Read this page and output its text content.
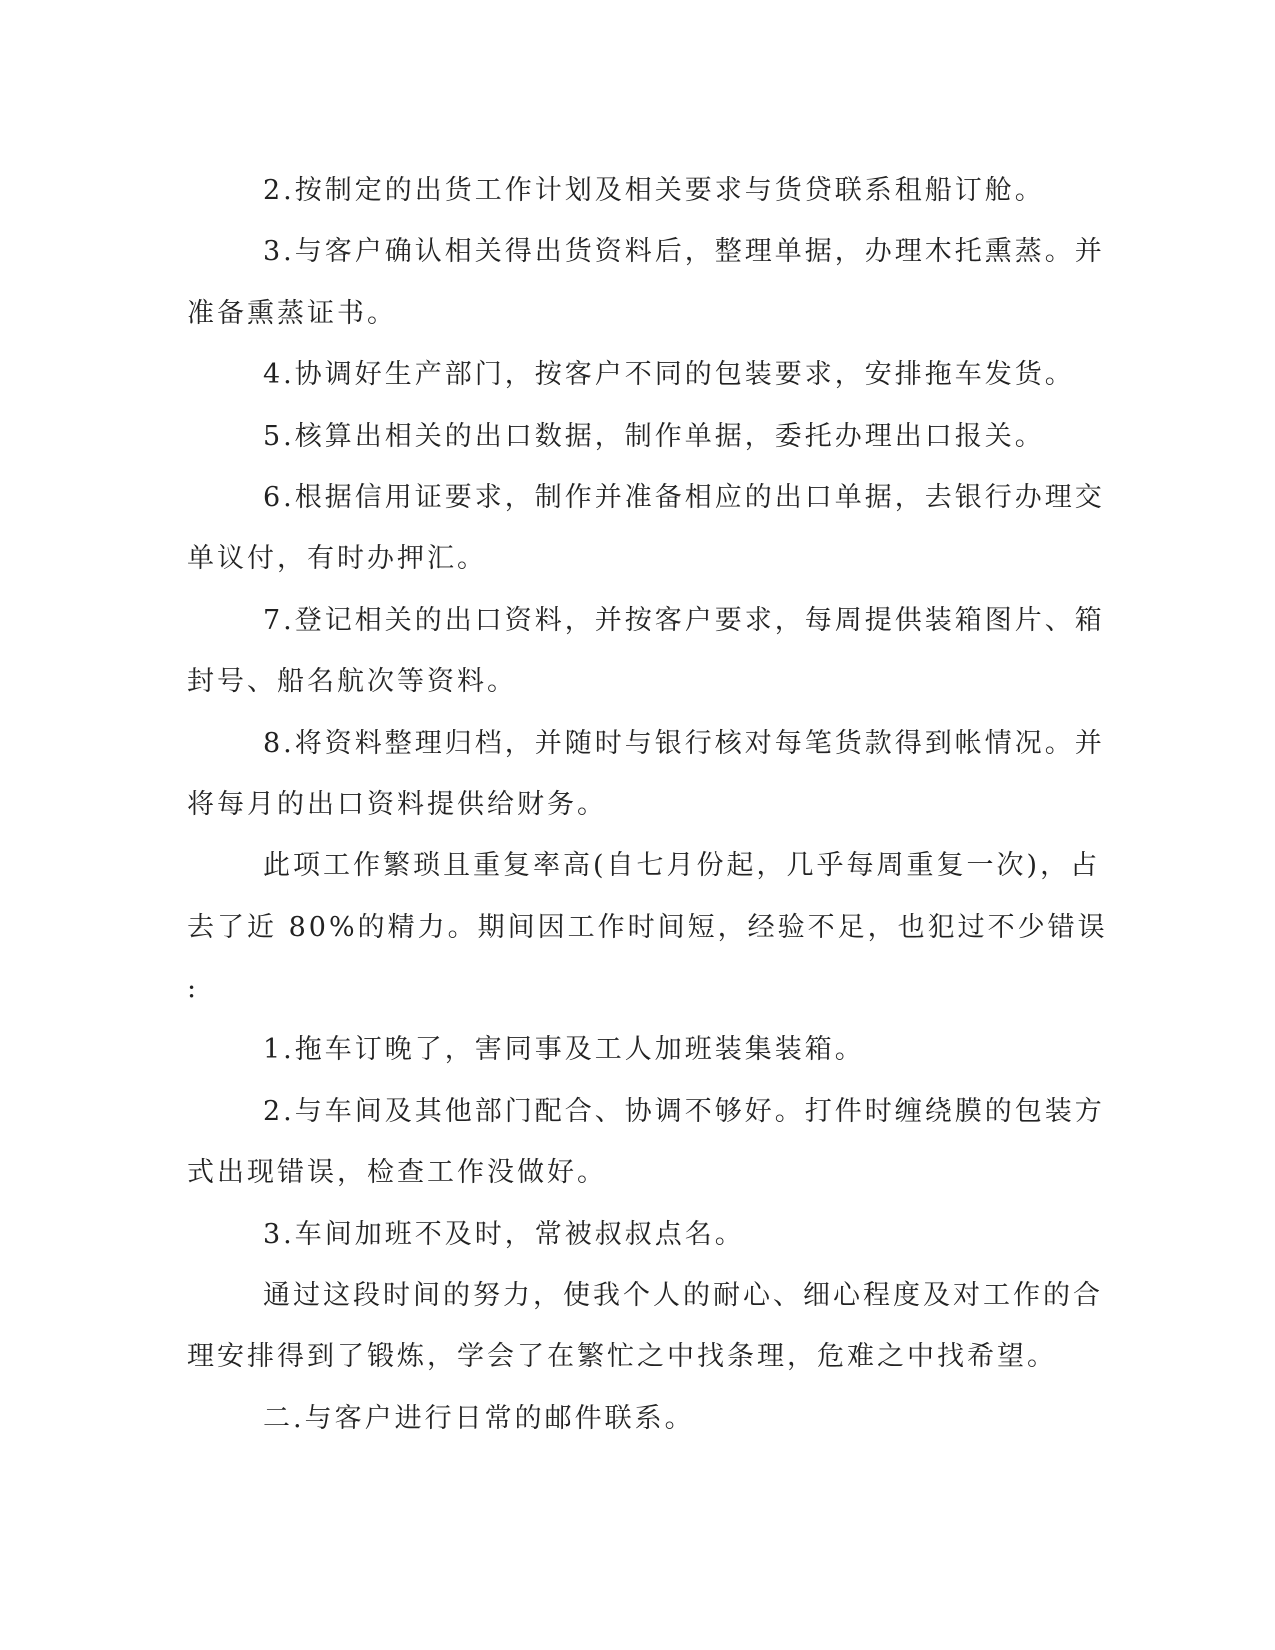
2.按制定的出货工作计划及相关要求与货贷联系租船订舱。
3.与客户确认相关得出货资料后，整理单据，办理木托熏蒸。并
准备熏蒸证书。
4.协调好生产部门，按客户不同的包装要求，安排拖车发货。
5.核算出相关的出口数据，制作单据，委托办理出口报关。
6.根据信用证要求，制作并准备相应的出口单据，去银行办理交
单议付，有时办押汇。
7.登记相关的出口资料，并按客户要求，每周提供装箱图片、箱
封号、船名航次等资料。
8.将资料整理归档，并随时与银行核对每笔货款得到帐情况。并
将每月的出口资料提供给财务。
此项工作繁琐且重复率高(自七月份起，几乎每周重复一次)，占
去了近 80%的精力。期间因工作时间短，经验不足，也犯过不少错误
:
1.拖车订晚了，害同事及工人加班装集装箱。
2.与车间及其他部门配合、协调不够好。打件时缠绕膜的包装方
式出现错误，检查工作没做好。
3.车间加班不及时，常被叔叔点名。
通过这段时间的努力，使我个人的耐心、细心程度及对工作的合
理安排得到了锻炼，学会了在繁忙之中找条理，危难之中找希望。
二.与客户进行日常的邮件联系。
